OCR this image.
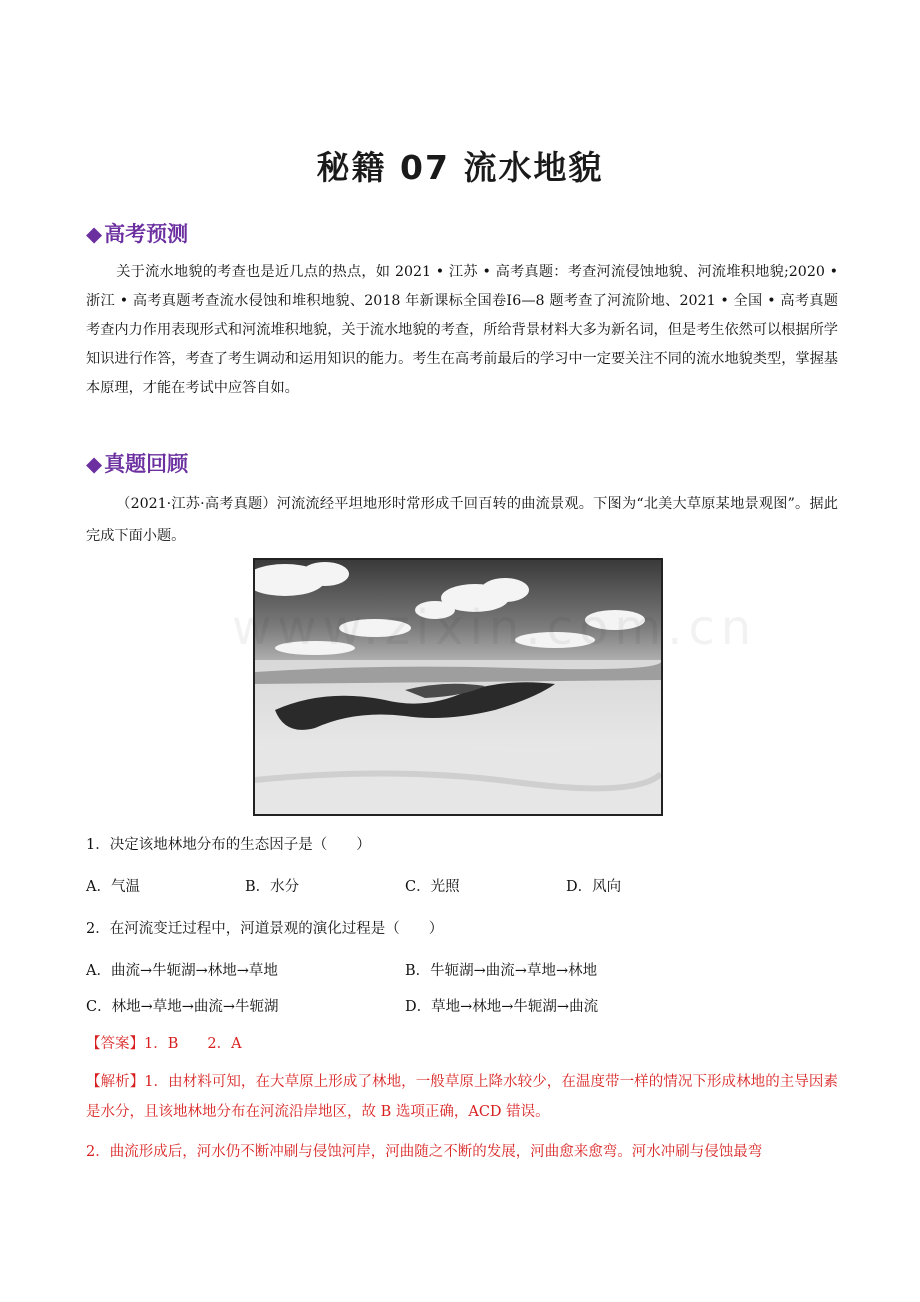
秘籍 07 流水地貌
◆高考预测
关于流水地貌的考查也是近几点的热点，如 2021 • 江苏 • 高考真题：考查河流侵蚀地貌、河流堆积地貌;2020 • 浙江 • 高考真题考查流水侵蚀和堆积地貌、2018 年新课标全国卷Ⅰ6—8 题考查了河流阶地、2021 • 全国 • 高考真题考查内力作用表现形式和河流堆积地貌，关于流水地貌的考查，所给背景材料大多为新名词，但是考生依然可以根据所学知识进行作答，考查了考生调动和运用知识的能力。考生在高考前最后的学习中一定要关注不同的流水地貌类型，掌握基本原理，才能在考试中应答自如。
◆真题回顾
（2021·江苏·高考真题）河流流经平坦地形时常形成千回百转的曲流景观。下图为“北美大草原某地景观图”。据此完成下面小题。
www.zixin.com.cn
1．决定该地林地分布的生态因子是（　　）
A．气温	B．水分	C．光照	D．风向
2．在河流变迁过程中，河道景观的演化过程是（　　）
A．曲流→牛轭湖→林地→草地	B．牛轭湖→曲流→草地→林地
C．林地→草地→曲流→牛轭湖	D．草地→林地→牛轭湖→曲流
【答案】1．B　　2．A
【解析】1．由材料可知，在大草原上形成了林地，一般草原上降水较少，在温度带一样的情况下形成林地的主导因素是水分，且该地林地分布在河流沿岸地区，故 B 选项正确，ACD 错误。
2．曲流形成后，河水仍不断冲刷与侵蚀河岸，河曲随之不断的发展，河曲愈来愈弯。河水冲刷与侵蚀最弯
